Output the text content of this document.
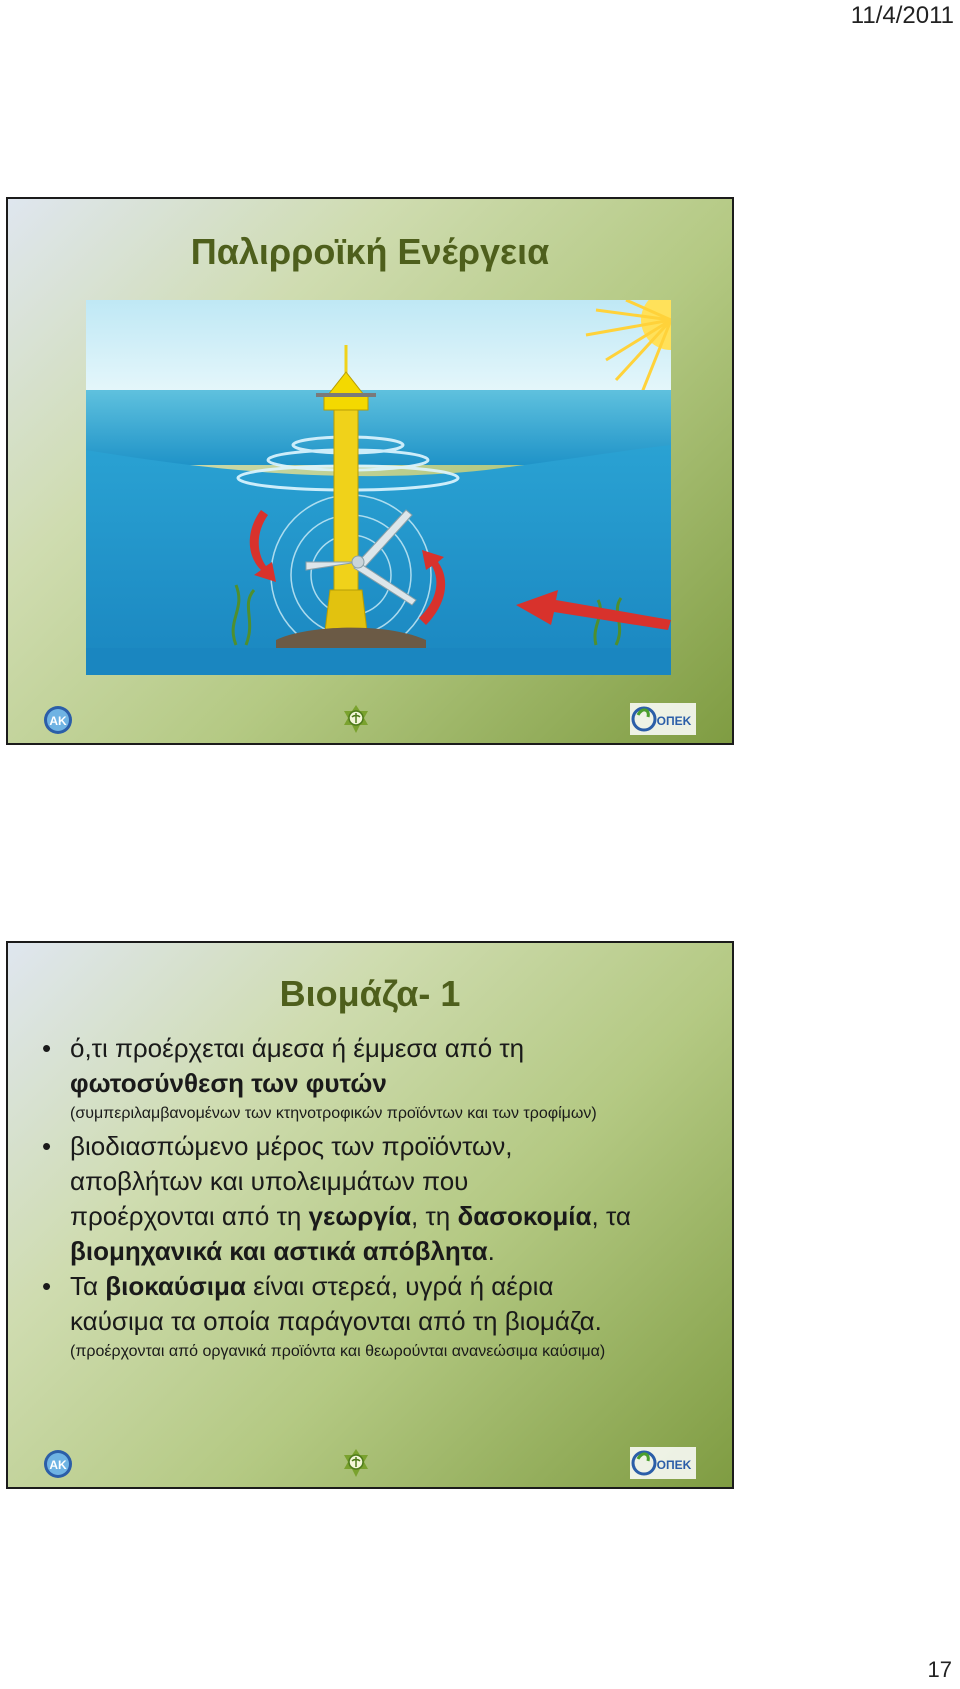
11/4/2011
Παλιρροϊκή Ενέργεια
AK	ΟΠΕΚ
Βιομάζα- 1
• ό,τι προέρχεται άμεσα ή έμμεσα από τη
φωτοσύνθεση των φυτών
(συμπεριλαμβανομένων των κτηνοτροφικών προϊόντων και των τροφίμων)
• βιοδιασπώμενο μέρος των προϊόντων,
αποβλήτων και υπολειμμάτων που
προέρχονται από τη γεωργία, τη δασοκομία, τα
βιομηχανικά και αστικά απόβλητα.
• Τα βιοκαύσιμα είναι στερεά, υγρά ή αέρια
καύσιμα τα οποία παράγονται από τη βιομάζα.
(προέρχονται από οργανικά προϊόντα και θεωρούνται ανανεώσιμα καύσιμα)
AK	ΟΠΕΚ
17
